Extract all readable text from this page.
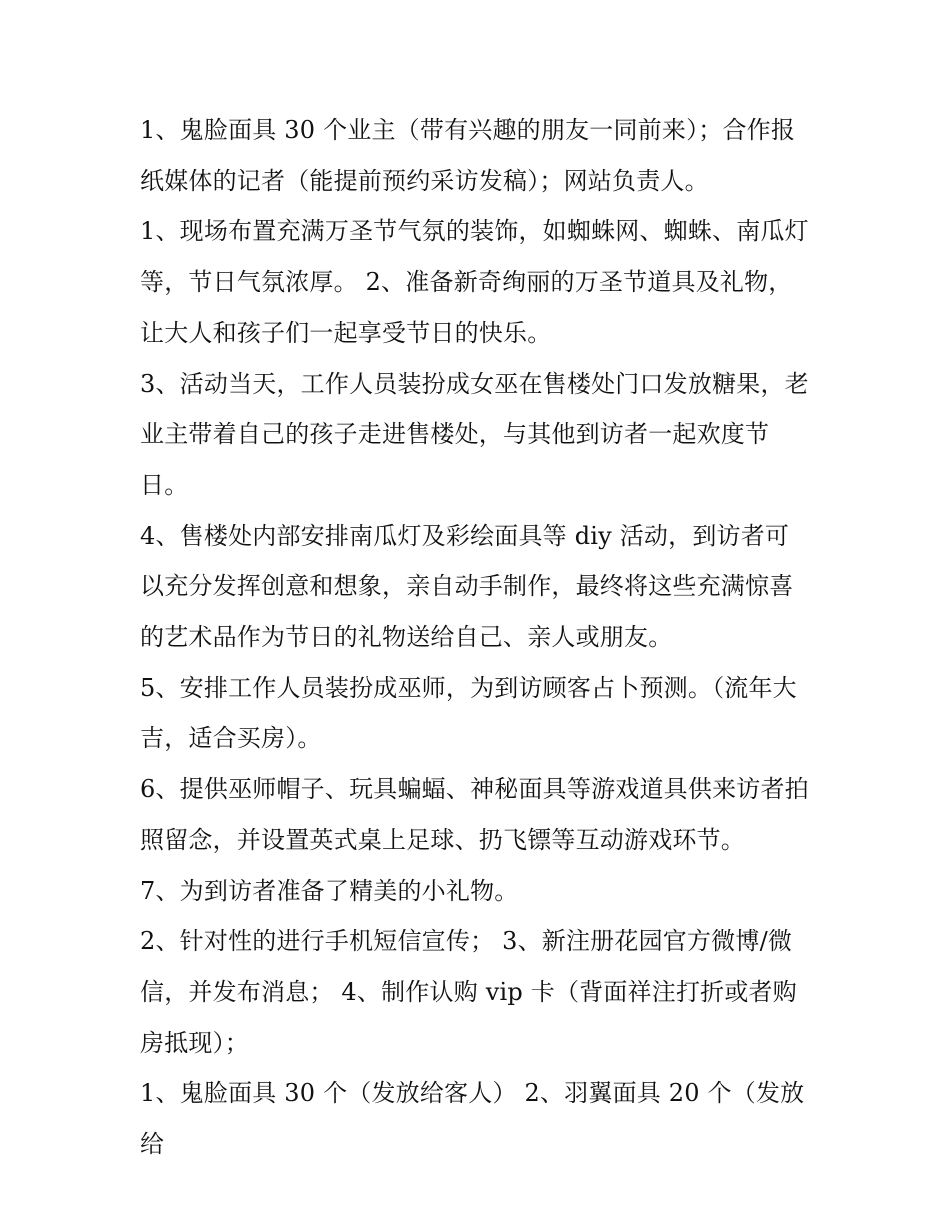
1、鬼脸面具 30 个业主（带有兴趣的朋友一同前来）；合作报纸媒体的记者（能提前预约采访发稿）；网站负责人。

1、现场布置充满万圣节气氛的装饰，如蜘蛛网、蜘蛛、南瓜灯等，节日气氛浓厚。 2、准备新奇绚丽的万圣节道具及礼物，让大人和孩子们一起享受节日的快乐。

3、活动当天，工作人员装扮成女巫在售楼处门口发放糖果，老业主带着自己的孩子走进售楼处，与其他到访者一起欢度节日。

4、售楼处内部安排南瓜灯及彩绘面具等 diy 活动，到访者可以充分发挥创意和想象，亲自动手制作，最终将这些充满惊喜的艺术品作为节日的礼物送给自己、亲人或朋友。

5、安排工作人员装扮成巫师，为到访顾客占卜预测。（流年大吉，适合买房）。

6、提供巫师帽子、玩具蝙蝠、神秘面具等游戏道具供来访者拍照留念，并设置英式桌上足球、扔飞镖等互动游戏环节。

7、为到访者准备了精美的小礼物。

2、针对性的进行手机短信宣传； 3、新注册花园官方微博/微信，并发布消息； 4、制作认购 vip 卡（背面祥注打折或者购房抵现）；

1、鬼脸面具 30 个（发放给客人） 2、羽翼面具 20 个（发放给
